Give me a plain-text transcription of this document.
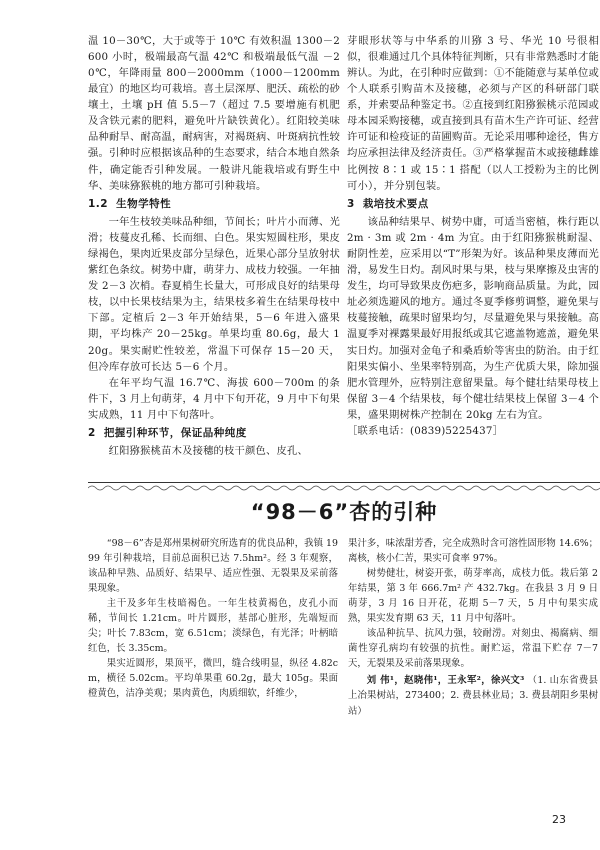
温 10－30℃，大于或等于 10℃ 有效积温 1300－2600 小时，极端最高气温 42℃ 和极端最低气温 －20℃，年降雨量 800－2000mm（1000－1200mm 最宜）的地区均可栽培。喜土层深厚、肥沃、疏松的砂壤土，土壤 pH 值 5.5－7（超过 7.5 要增施有机肥及含铁元素的肥料，避免叶片缺铁黄化）。红阳较美味品种耐旱、耐高温，耐病害，对褐斑病、叶斑病抗性较强。引种时应根据该品种的生态要求，结合本地自然条件，确定能否引种发展。一般讲凡能栽培或有野生中华、美味猕猴桃的地方都可引种栽培。

1.2 生物学特性

一年生枝较美味品种细，节间长；叶片小而薄、光滑；枝蔓皮孔稀、长而细、白色。果实短圆柱形，果皮绿褐色，果肉近果皮部分呈绿色，近果心部分呈放射状紫红色条纹。树势中庸，萌芽力、成枝力较强。一年抽发 2－3 次梢。春夏梢生长量大，可形成良好的结果母枝，以中长果枝结果为主，结果枝多着生在结果母枝中下部。定植后 2－3 年开始结果，5－6 年进入盛果期，平均株产 20－25kg。单果均重 80.6g，最大 120g。果实耐贮性较差，常温下可保存 15－20 天，但冷库存放可长达 5－6 个月。

在年平均气温 16.7℃、海拔 600－700m 的条件下，3 月上旬萌芽，4 月中下旬开花，9 月中下旬果实成熟，11 月中下旬落叶。

2 把握引种环节，保证品种纯度

红阳猕猴桃苗木及接穗的枝干颜色、皮孔、

芽眼形状等与中华系的川猕 3 号、华光 10 号很相似，很难通过几个具体特征判断，只有非常熟悉时才能辨认。为此，在引种时应做到：①不能随意与某单位或个人联系引购苗木及接穗，必须与产区的科研部门联系，并索要品种鉴定书。②直接到红阳猕猴桃示范园或母本园采购接穗，或直接到具有苗木生产许可证、经营许可证和检疫证的苗圃购苗。无论采用哪种途径，售方均应承担法律及经济责任。③严格掌握苗木或接穗雌雄比例按 8∶1 或 15∶1 搭配（以人工授粉为主的比例可小），并分别包装。

3 栽培技术要点

该品种结果早、树势中庸，可适当密植，株行距以 2m · 3m 或 2m · 4m 为宜。由于红阳猕猴桃耐湿、耐阴性差，应采用以“T”形架为好。该品种果皮薄而光滑，易发生日灼。刮风时果与果，枝与果摩擦及虫害的发生，均可导致果皮伤疤多，影响商品质量。为此，园址必须选避风的地方。通过冬夏季修剪调整，避免果与枝蔓接触，疏果时留果均匀，尽量避免果与果接触。高温夏季对裸露果最好用报纸或其它遮盖物遮盖，避免果实日灼。加强对金龟子和桑盾蚧等害虫的防治。由于红阳果实偏小、坐果率特别高，为生产优质大果，除加强肥水管理外，应特别注意留果量。每个健壮结果母枝上保留 3－4 个结果枝，每个健壮结果枝上保留 3－4 个果，盛果期树株产控制在 20kg 左右为宜。

［联系电话：(0839)5225437］

“98－6”杏的引种

“98－6”杏是郑州果树研究所选育的优良品种，我镇 1999 年引种栽培，目前总面积已达 7.5hm²。经 3 年观察，该品种早熟、品质好、结果早、适应性强、无裂果及采前落果现象。

主干及多年生枝暗褐色。一年生枝黄褐色，皮孔小而稀，节间长 1.21cm。叶片圆形，基部心脏形，先端短而尖；叶长 7.83cm，宽 6.51cm；淡绿色，有光泽；叶柄暗红色，长 3.35cm。

果实近圆形，果顶平，微凹，缝合线明显，纵径 4.82cm，横径 5.02cm。平均单果重 60.2g，最大 105g。果面橙黄色，洁净美观；果肉黄色，肉质细软，纤维少，

果汁多，味浓甜芳香，完全成熟时含可溶性固形物 14.6%；离核，核小仁苦，果实可食率 97%。

树势健壮，树姿开张，萌芽率高，成枝力低。栽后第 2 年结果，第 3 年 666.7m² 产 432.7kg。在我县 3 月 9 日萌芽，3 月 16 日开花，花期 5－7 天，5 月中旬果实成熟，果实发育期 63 天，11 月中旬落叶。

该品种抗旱、抗风力强，较耐涝。对刻虫、褐腐病、细菌性穿孔病均有较强的抗性。耐贮运，常温下贮存 7－7 天，无裂果及采前落果现象。

刘 伟¹，赵晓伟¹，王永军²，徐兴文³ （1. 山东省费县上冶果树站，273400；2. 费县林业局；3. 费县胡阳乡果树站）

23
